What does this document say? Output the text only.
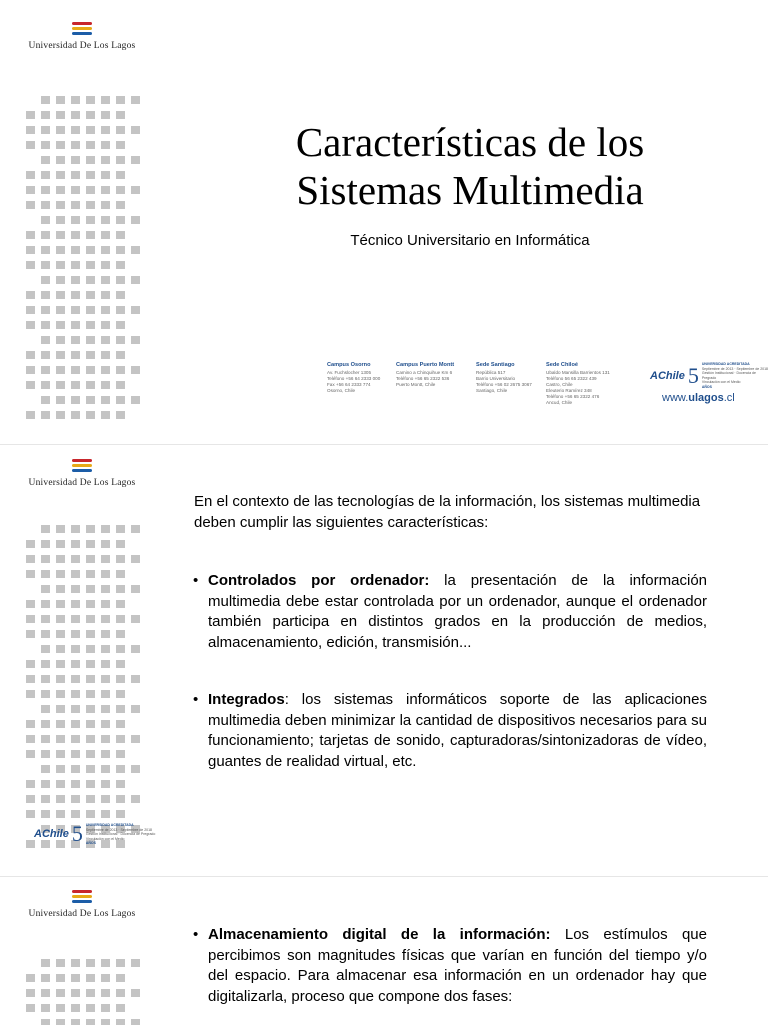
Universidad De Los Lagos
Características de los
Sistemas Multimedia
Técnico Universitario en Informática
Campus Osorno
Av. Fuchslocher 1305
Teléfono +56 64 2333 000
Fax +56 64 2333 774
Osorno, Chile
Campus Puerto Montt
Camino a Chinquihue Km 6
Teléfono +56 65 2322 536
Puerto Montt, Chile
Sede Santiago
República 517
Barrio Universitario
Teléfono +56 02 2675 3067
Santiago, Chile
Sede Chiloé
Ubaldo Mansilla Barrientos 131
Teléfono 56 65 2322 439
Castro, Chile
Eleuterio Ramírez 348
Teléfono +56 65 2322 476
Ancud, Chile
AChile 5 UNIVERSIDAD ACREDITADA
Septiembre de 2013 · Septiembre de 2018
Gestión Institucional · Docencia de Pregrado
Vinculación con el Medio
AÑOS
www.ulagos.cl
Universidad De Los Lagos
AChile 5 UNIVERSIDAD ACREDITADA
Septiembre de 2013 · Septiembre de 2018
Gestión Institucional · Docencia de Pregrado
Vinculación con el Medio
AÑOS
En el contexto de las tecnologías de la información, los sistemas multimedia deben cumplir las siguientes características:
• Controlados por ordenador: la presentación de la información multimedia debe estar controlada por un ordenador, aunque el ordenador también participa en distintos grados en la producción de medios, almacenamiento, edición, transmisión...
• Integrados: los sistemas informáticos soporte de las aplicaciones multimedia deben minimizar la cantidad de dispositivos necesarios para su funcionamiento; tarjetas de sonido, capturadoras/sintonizadoras de vídeo, guantes de realidad virtual, etc.
Universidad De Los Lagos
• Almacenamiento digital de la información: Los estímulos que percibimos son magnitudes físicas que varían en función del tiempo y/o del espacio. Para almacenar esa información en un ordenador hay que digitalizarla, proceso que compone dos fases:
